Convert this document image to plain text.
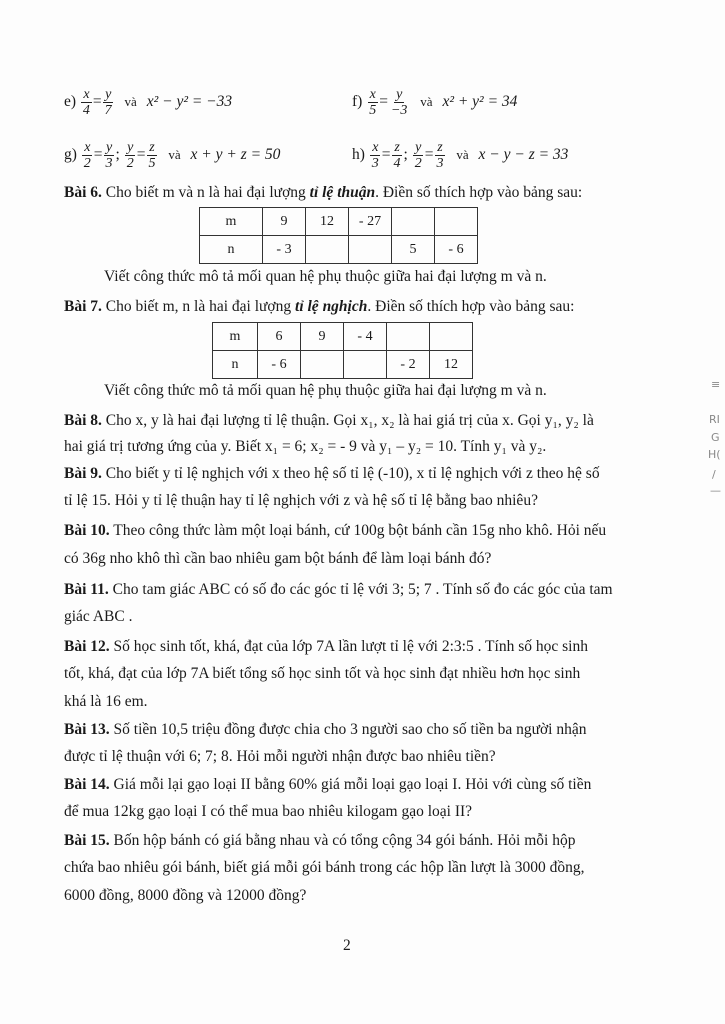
$e) \frac{x}{4} = \frac{y}{7}$ và x² − y² = −33	$f) \frac{x}{5} = \frac{y}{-3}$ và x² + y² = 34
$g) \frac{x}{2} = \frac{y}{3}$ ; $\frac{y}{2} = \frac{z}{5}$ và x + y + z = 50	$h) \frac{x}{3} = \frac{z}{4}$ ; $\frac{y}{2} = \frac{z}{3}$ và x − y − z = 33
Bài 6. Cho biết m và n là hai đại lượng tỉ lệ thuận. Điền số thích hợp vào bảng sau:
m	9	12	- 27		
n	- 3			5	- 6
Viết công thức mô tả mối quan hệ phụ thuộc giữa hai đại lượng m và n.
Bài 7. Cho biết m, n là hai đại lượng tỉ lệ nghịch. Điền số thích hợp vào bảng sau:
m	6	9	- 4		
n	- 6			- 2	12
Viết công thức mô tả mối quan hệ phụ thuộc giữa hai đại lượng m và n.
Bài 8. Cho x, y là hai đại lượng tỉ lệ thuận. Gọi x₁, x₂ là hai giá trị của x. Gọi y₁, y₂ là
hai giá trị tương ứng của y. Biết x₁ = 6; x₂ = - 9 và y₁ – y₂ = 10. Tính y₁ và y₂.
Bài 9. Cho biết y tỉ lệ nghịch với x theo hệ số tỉ lệ (-10), x tỉ lệ nghịch với z theo hệ số
tỉ lệ 15. Hỏi y tỉ lệ thuận hay tỉ lệ nghịch với z và hệ số tỉ lệ bằng bao nhiêu?
Bài 10. Theo công thức làm một loại bánh, cứ 100g bột bánh cần 15g nho khô. Hỏi nếu
có 36g nho khô thì cần bao nhiêu gam bột bánh để làm loại bánh đó?
Bài 11. Cho tam giác ABC có số đo các góc tỉ lệ với 3; 5; 7 . Tính số đo các góc của tam
giác ABC .
Bài 12. Số học sinh tốt, khá, đạt của lớp 7A lần lượt tỉ lệ với 2:3:5 . Tính số học sinh
tốt, khá, đạt của lớp 7A biết tổng số học sinh tốt và học sinh đạt nhiều hơn học sinh
khá là 16 em.
Bài 13. Số tiền 10,5 triệu đồng được chia cho 3 người sao cho số tiền ba người nhận
được tỉ lệ thuận với 6; 7; 8. Hỏi mỗi người nhận được bao nhiêu tiền?
Bài 14. Giá mỗi lại gạo loại II bằng 60% giá mỗi loại gạo loại I. Hỏi với cùng số tiền
để mua 12kg gạo loại I có thể mua bao nhiêu kilogam gạo loại II?
Bài 15. Bốn hộp bánh có giá bằng nhau và có tổng cộng 34 gói bánh. Hỏi mỗi hộp
chứa bao nhiêu gói bánh, biết giá mỗi gói bánh trong các hộp lần lượt là 3000 đồng,
6000 đồng, 8000 đồng và 12000 đồng?
2
≡
RI
G
H(
/
—
